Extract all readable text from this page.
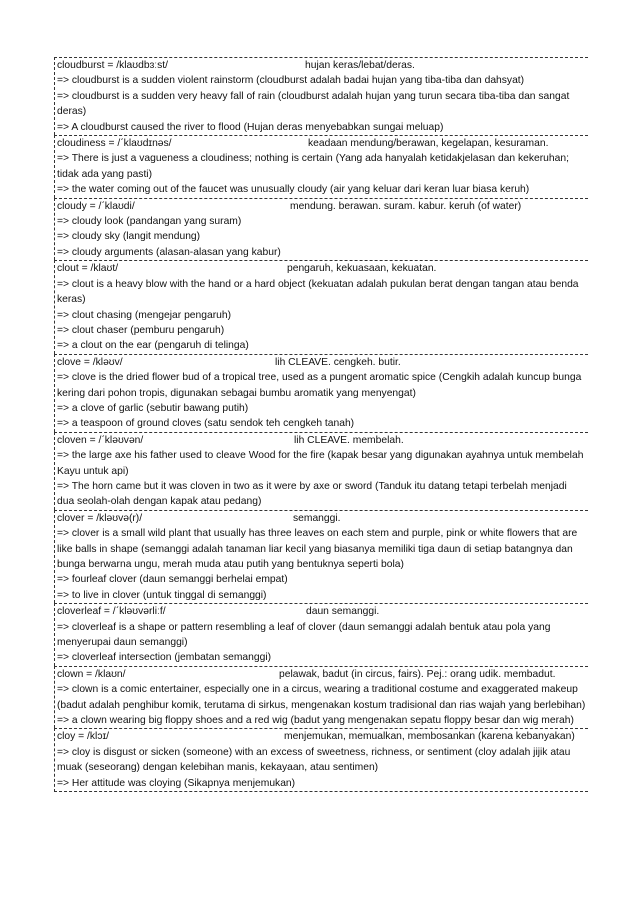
cloudburst = /klaʊdbɜːst/	hujan keras/lebat/deras.
=> cloudburst is a sudden violent rainstorm (cloudburst adalah badai hujan yang tiba-tiba dan dahsyat)
=> cloudburst is a sudden very heavy fall of rain (cloudburst adalah hujan yang turun secara tiba-tiba dan sangat deras)
=> A cloudburst caused the river to flood (Hujan deras menyebabkan sungai meluap)
cloudiness = /ˊklaʊdɪnəs/	keadaan mendung/berawan, kegelapan, kesuraman.
=> There is just a vagueness a cloudiness; nothing is certain (Yang ada hanyalah ketidakjelasan dan kekeruhan; tidak ada yang pasti)
=> the water coming out of the faucet was unusually cloudy (air yang keluar dari keran luar biasa keruh)
cloudy = /ˊklaʊdi/	mendung. berawan. suram. kabur. keruh (of water)
=> cloudy look (pandangan yang suram)
=> cloudy sky (langit mendung)
=> cloudy arguments (alasan-alasan yang kabur)
clout = /klaʊt/	pengaruh, kekuasaan, kekuatan.
=> clout is a heavy blow with the hand or a hard object (kekuatan adalah pukulan berat dengan tangan atau benda keras)
=> clout chasing (mengejar pengaruh)
=> clout chaser (pemburu pengaruh)
=> a clout on the ear (pengaruh di telinga)
clove = /kləʊv/	lih CLEAVE. cengkeh. butir.
=> clove is the dried flower bud of a tropical tree, used as a pungent aromatic spice (Cengkih adalah kuncup bunga kering dari pohon tropis, digunakan sebagai bumbu aromatik yang menyengat)
=> a clove of garlic (sebutir bawang putih)
=> a teaspoon of ground cloves (satu sendok teh cengkeh tanah)
cloven = /ˊkləʊvən/	lih CLEAVE. membelah.
=> the large axe his father used to cleave Wood for the fire (kapak besar yang digunakan ayahnya untuk membelah Kayu untuk api)
=> The horn came but it was cloven in two as it were by axe or sword (Tanduk itu datang tetapi terbelah menjadi dua seolah-olah dengan kapak atau pedang)
clover = /kləʊvə(r)/	semanggi.
=> clover is a small wild plant that usually has three leaves on each stem and purple, pink or white flowers that are like balls in shape (semanggi adalah tanaman liar kecil yang biasanya memiliki tiga daun di setiap batangnya dan bunga berwarna ungu, merah muda atau putih yang bentuknya seperti bola)
=> fourleaf clover (daun semanggi berhelai empat)
=> to live in clover (untuk tinggal di semanggi)
cloverleaf = /ˊkləʊvərliːf/	daun semanggi.
=> cloverleaf is a shape or pattern resembling a leaf of clover (daun semanggi adalah bentuk atau pola yang menyerupai daun semanggi)
=> cloverleaf intersection (jembatan semanggi)
clown = /klaʊn/	pelawak, badut (in circus, fairs). Pej.: orang udik. membadut.
=> clown is a comic entertainer, especially one in a circus, wearing a traditional costume and exaggerated makeup (badut adalah penghibur komik, terutama di sirkus, mengenakan kostum tradisional dan rias wajah yang berlebihan)
=> a clown wearing big floppy shoes and a red wig (badut yang mengenakan sepatu floppy besar dan wig merah)
cloy = /klɔɪ/	menjemukan, memualkan, membosankan (karena kebanyakan)
=> cloy is disgust or sicken (someone) with an excess of sweetness, richness, or sentiment (cloy adalah jijik atau muak (seseorang) dengan kelebihan manis, kekayaan, atau sentimen)
=> Her attitude was cloying (Sikapnya menjemukan)
